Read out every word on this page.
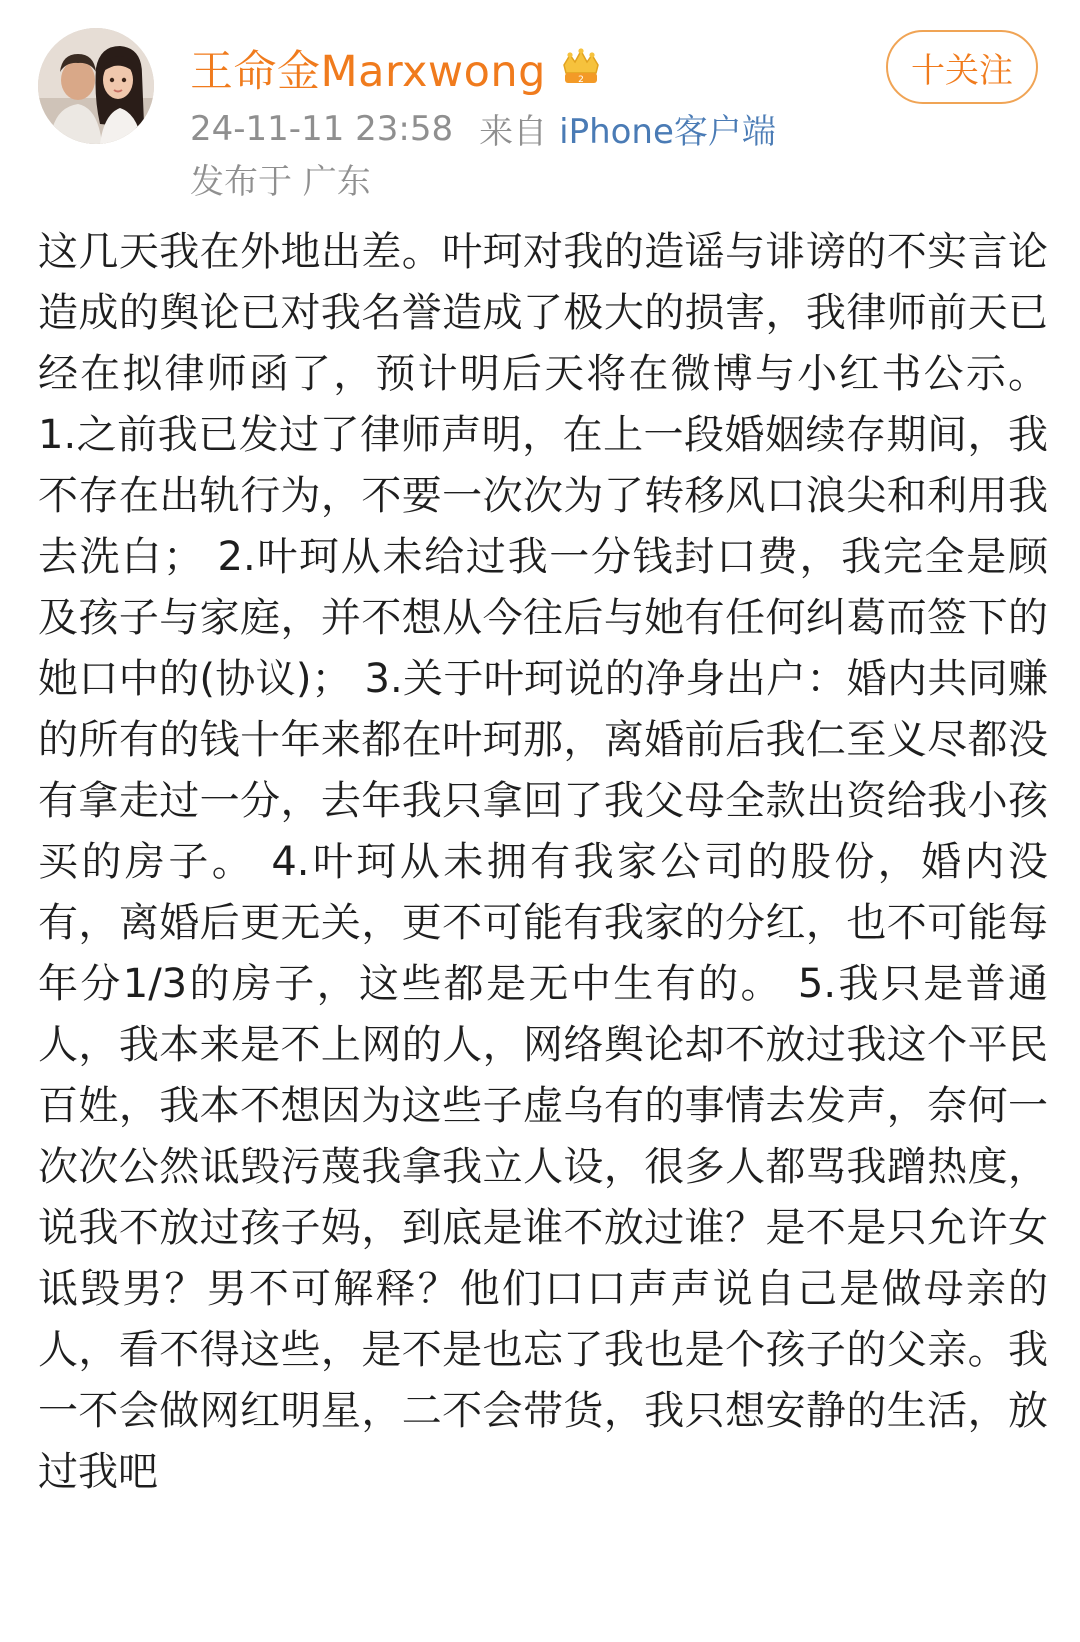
王命金Marxwong	2
24-11-11 23:58 来自 iPhone客户端
发布于 广东
十关注
这几天我在外地出差。叶珂对我的造谣与诽谤的不实言论造成的舆论已对我名誉造成了极大的损害，我律师前天已经在拟律师函了，预计明后天将在微博与小红书公示。 1.之前我已发过了律师声明，在上一段婚姻续存期间，我不存在出轨行为，不要一次次为了转移风口浪尖和利用我去洗白； 2.叶珂从未给过我一分钱封口费，我完全是顾及孩子与家庭，并不想从今往后与她有任何纠葛而签下的她口中的(协议)； 3.关于叶珂说的净身出户：婚内共同赚的所有的钱十年来都在叶珂那，离婚前后我仁至义尽都没有拿走过一分，去年我只拿回了我父母全款出资给我小孩买的房子。 4.叶珂从未拥有我家公司的股份，婚内没有，离婚后更无关，更不可能有我家的分红，也不可能每年分1/3的房子，这些都是无中生有的。 5.我只是普通人，我本来是不上网的人，网络舆论却不放过我这个平民百姓，我本不想因为这些子虚乌有的事情去发声，奈何一次次公然诋毁污蔑我拿我立人设，很多人都骂我蹭热度，说我不放过孩子妈，到底是谁不放过谁？是不是只允许女诋毁男？男不可解释？他们口口声声说自己是做母亲的人，看不得这些，是不是也忘了我也是个孩子的父亲。我一不会做网红明星，二不会带货，我只想安静的生活，放过我吧
